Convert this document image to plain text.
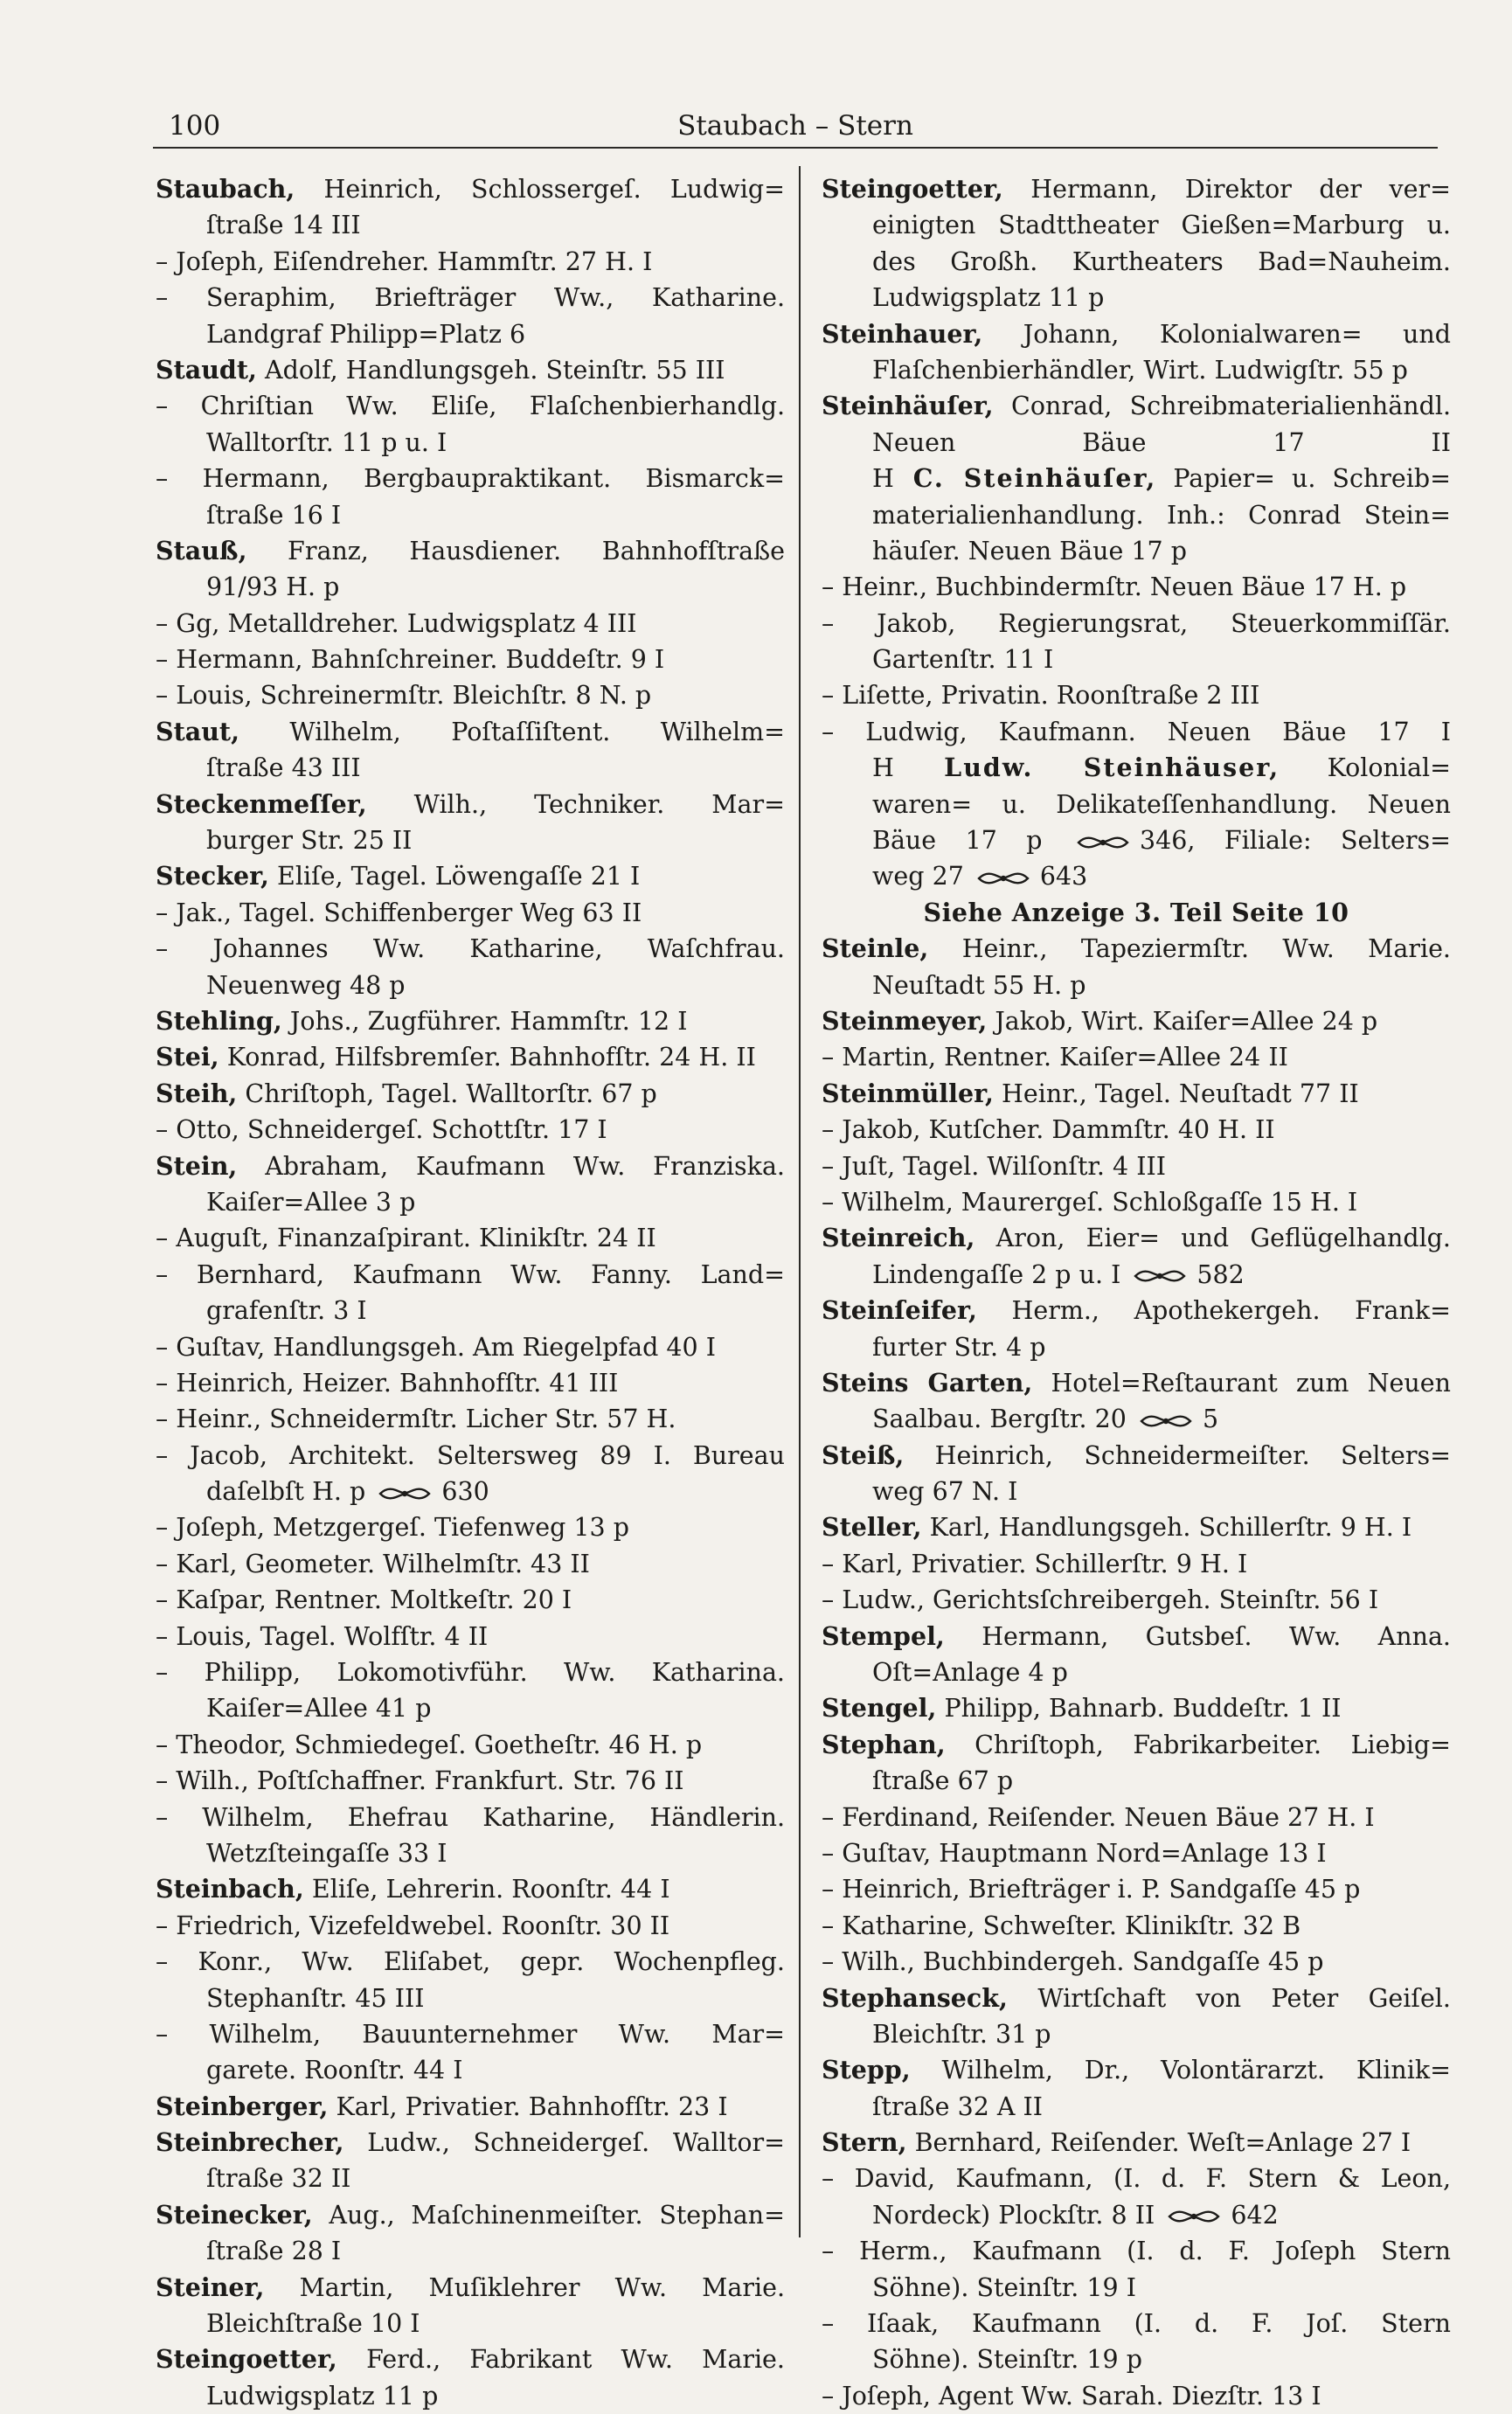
100	Staubach – Stern
Staubach, Heinrich, Schlossergeſ. Ludwig=
ſtraße 14 III
– Joſeph, Eiſendreher. Hammſtr. 27 H. I
– Seraphim, Briefträger Ww., Katharine.
Landgraf Philipp=Platz 6
Staudt, Adolf, Handlungsgeh. Steinſtr. 55 III
– Chriſtian Ww. Eliſe, Flaſchenbierhandlg.
Walltorſtr. 11 p u. I
– Hermann, Bergbaupraktikant. Bismarck=
ſtraße 16 I
Stauß, Franz, Hausdiener. Bahnhofſtraße
91/93 H. p
– Gg, Metalldreher. Ludwigsplatz 4 III
– Hermann, Bahnſchreiner. Buddeſtr. 9 I
– Louis, Schreinermſtr. Bleichſtr. 8 N. p
Staut, Wilhelm, Poſtaſſiſtent. Wilhelm=
ſtraße 43 III
Steckenmeſſer, Wilh., Techniker. Mar=
burger Str. 25 II
Stecker, Eliſe, Tagel. Löwengaſſe 21 I
– Jak., Tagel. Schiffenberger Weg 63 II
– Johannes Ww. Katharine, Waſchfrau.
Neuenweg 48 p
Stehling, Johs., Zugführer. Hammſtr. 12 I
Stei, Konrad, Hilfsbremſer. Bahnhofſtr. 24 H. II
Steih, Chriſtoph, Tagel. Walltorſtr. 67 p
– Otto, Schneidergeſ. Schottſtr. 17 I
Stein, Abraham, Kaufmann Ww. Franziska.
Kaiſer=Allee 3 p
– Auguſt, Finanzaſpirant. Klinikſtr. 24 II
– Bernhard, Kaufmann Ww. Fanny. Land=
grafenſtr. 3 I
– Guſtav, Handlungsgeh. Am Riegelpfad 40 I
– Heinrich, Heizer. Bahnhofſtr. 41 III
– Heinr., Schneidermſtr. Licher Str. 57 H.
– Jacob, Architekt. Seltersweg 89 I. Bureau
daſelbſt H. p	630
– Joſeph, Metzgergeſ. Tiefenweg 13 p
– Karl, Geometer. Wilhelmſtr. 43 II
– Kaſpar, Rentner. Moltkeſtr. 20 I
– Louis, Tagel. Wolfſtr. 4 II
– Philipp, Lokomotivführ. Ww. Katharina.
Kaiſer=Allee 41 p
– Theodor, Schmiedegeſ. Goetheſtr. 46 H. p
– Wilh., Poſtſchaffner. Frankfurt. Str. 76 II
– Wilhelm, Ehefrau Katharine, Händlerin.
Wetzſteingaſſe 33 I
Steinbach, Eliſe, Lehrerin. Roonſtr. 44 I
– Friedrich, Vizefeldwebel. Roonſtr. 30 II
– Konr., Ww. Eliſabet, gepr. Wochenpfleg.
Stephanſtr. 45 III
– Wilhelm, Bauunternehmer Ww. Mar=
garete. Roonſtr. 44 I
Steinberger, Karl, Privatier. Bahnhofſtr. 23 I
Steinbrecher, Ludw., Schneidergeſ. Walltor=
ſtraße 32 II
Steinecker, Aug., Maſchinenmeiſter. Stephan=
ſtraße 28 I
Steiner, Martin, Muſiklehrer Ww. Marie.
Bleichſtraße 10 I
Steingoetter, Ferd., Fabrikant Ww. Marie.
Ludwigsplatz 11 p
Steingoetter, Hermann, Direktor der ver=
einigten Stadttheater Gießen=Marburg u.
des Großh. Kurtheaters Bad=Nauheim.
Ludwigsplatz 11 p
Steinhauer, Johann, Kolonialwaren= und
Flaſchenbierhändler, Wirt. Ludwigſtr. 55 p
Steinhäuſer, Conrad, Schreibmaterialienhändl.
Neuen Bäue 17 II
H C. Steinhäuſer, Papier= u. Schreib=
materialienhandlung. Inh.: Conrad Stein=
häuſer. Neuen Bäue 17 p
– Heinr., Buchbindermſtr. Neuen Bäue 17 H. p
– Jakob, Regierungsrat, Steuerkommiſſär.
Gartenſtr. 11 I
– Liſette, Privatin. Roonſtraße 2 III
– Ludwig, Kaufmann. Neuen Bäue 17 I
H Ludw. Steinhäuser, Kolonial=
waren= u. Delikateſſenhandlung. Neuen
Bäue 17 p	346, Filiale: Selters=
weg 27	643
Siehe Anzeige 3. Teil Seite 10
Steinle, Heinr., Tapeziermſtr. Ww. Marie.
Neuſtadt 55 H. p
Steinmeyer, Jakob, Wirt. Kaiſer=Allee 24 p
– Martin, Rentner. Kaiſer=Allee 24 II
Steinmüller, Heinr., Tagel. Neuſtadt 77 II
– Jakob, Kutſcher. Dammſtr. 40 H. II
– Juſt, Tagel. Wilſonſtr. 4 III
– Wilhelm, Maurergeſ. Schloßgaſſe 15 H. I
Steinreich, Aron, Eier= und Geflügelhandlg.
Lindengaſſe 2 p u. I	582
Steinſeifer, Herm., Apothekergeh. Frank=
furter Str. 4 p
Steins Garten, Hotel=Reſtaurant zum Neuen
Saalbau. Bergſtr. 20	5
Steiß, Heinrich, Schneidermeiſter. Selters=
weg 67 N. I
Steller, Karl, Handlungsgeh. Schillerſtr. 9 H. I
– Karl, Privatier. Schillerſtr. 9 H. I
– Ludw., Gerichtsſchreibergeh. Steinſtr. 56 I
Stempel, Hermann, Gutsbeſ. Ww. Anna.
Oſt=Anlage 4 p
Stengel, Philipp, Bahnarb. Buddeſtr. 1 II
Stephan, Chriſtoph, Fabrikarbeiter. Liebig=
ſtraße 67 p
– Ferdinand, Reiſender. Neuen Bäue 27 H. I
– Guſtav, Hauptmann Nord=Anlage 13 I
– Heinrich, Briefträger i. P. Sandgaſſe 45 p
– Katharine, Schweſter. Klinikſtr. 32 B
– Wilh., Buchbindergeh. Sandgaſſe 45 p
Stephanseck, Wirtſchaft von Peter Geiſel.
Bleichſtr. 31 p
Stepp, Wilhelm, Dr., Volontärarzt. Klinik=
ſtraße 32 A II
Stern, Bernhard, Reiſender. Weſt=Anlage 27 I
– David, Kaufmann, (I. d. F. Stern & Leon,
Nordeck) Plockſtr. 8 II	642
– Herm., Kaufmann (I. d. F. Joſeph Stern
Söhne). Steinſtr. 19 I
– Iſaak, Kaufmann (I. d. F. Joſ. Stern
Söhne). Steinſtr. 19 p
– Joſeph, Agent Ww. Sarah. Diezſtr. 13 I
